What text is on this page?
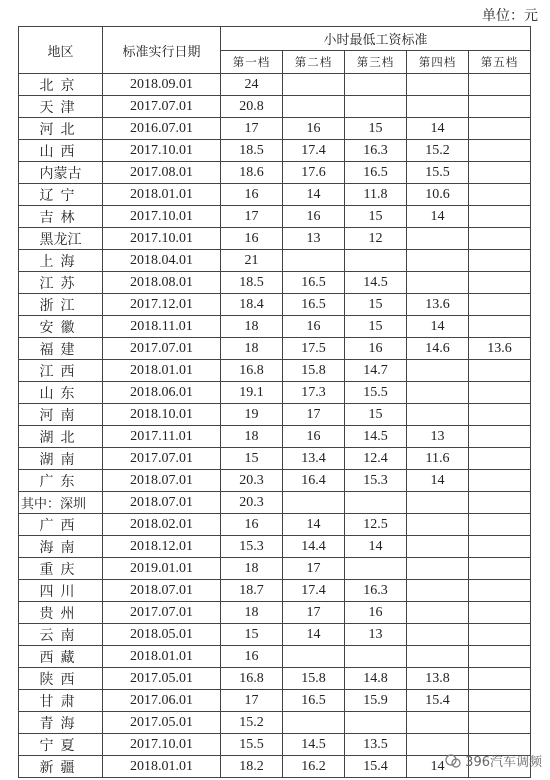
单位：元
地区	标准实行日期	小时最低工资标准				
		第一档	第二档	第三档	第四档	第五档
北京	2018.09.01	24				
天津	2017.07.01	20.8				
河北	2016.07.01	17	16	15	14	
山西	2017.10.01	18.5	17.4	16.3	15.2	
内蒙古	2017.08.01	18.6	17.6	16.5	15.5	
辽宁	2018.01.01	16	14	11.8	10.6	
吉林	2017.10.01	17	16	15	14	
黑龙江	2017.10.01	16	13	12		
上海	2018.04.01	21				
江苏	2018.08.01	18.5	16.5	14.5		
浙江	2017.12.01	18.4	16.5	15	13.6	
安徽	2018.11.01	18	16	15	14	
福建	2017.07.01	18	17.5	16	14.6	13.6
江西	2018.01.01	16.8	15.8	14.7		
山东	2018.06.01	19.1	17.3	15.5		
河南	2018.10.01	19	17	15		
湖北	2017.11.01	18	16	14.5	13	
湖南	2017.07.01	15	13.4	12.4	11.6	
广东	2018.07.01	20.3	16.4	15.3	14	
其中：深圳	2018.07.01	20.3				
广西	2018.02.01	16	14	12.5		
海南	2018.12.01	15.3	14.4	14		
重庆	2019.01.01	18	17			
四川	2018.07.01	18.7	17.4	16.3		
贵州	2017.07.01	18	17	16		
云南	2018.05.01	15	14	13		
西藏	2018.01.01	16				
陕西	2017.05.01	16.8	15.8	14.8	13.8	
甘肃	2017.06.01	17	16.5	15.9	15.4	
青海	2017.05.01	15.2				
宁夏	2017.10.01	15.5	14.5	13.5		
新疆	2018.01.01	18.2	16.2	15.4	14	396汽车调频
